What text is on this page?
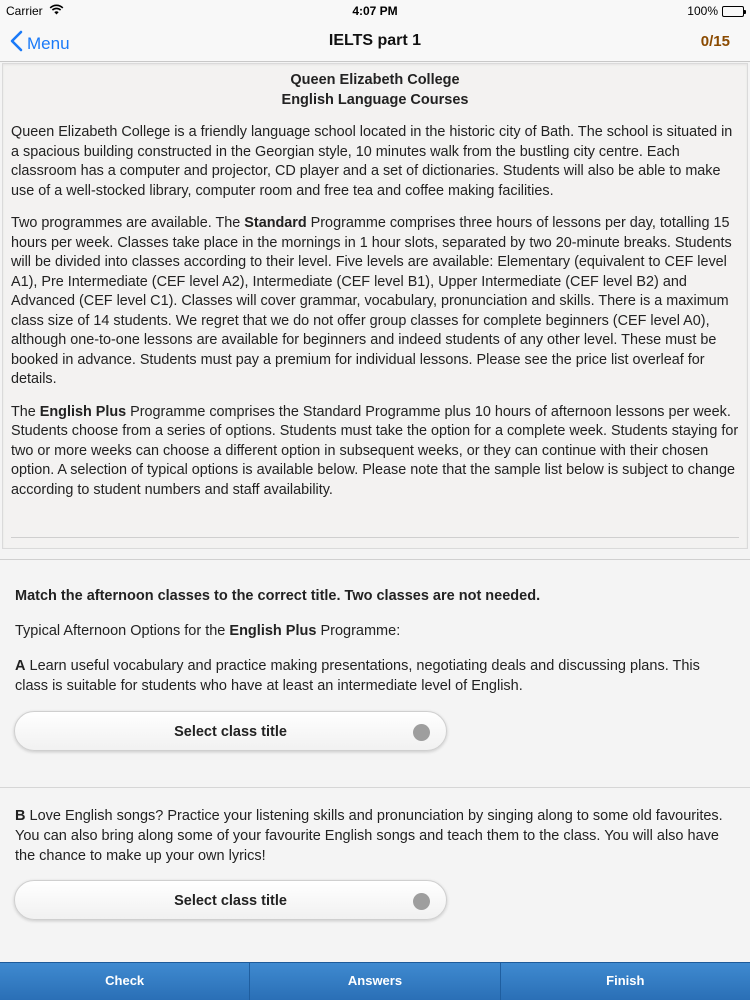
Carrier	4:07 PM	100%
Menu	IELTS part 1	0/15
Queen Elizabeth College
English Language Courses

Queen Elizabeth College is a friendly language school located in the historic city of Bath. The school is situated in a spacious building constructed in the Georgian style, 10 minutes walk from the bustling city centre. Each classroom has a computer and projector, CD player and a set of dictionaries. Students will also be able to make use of a well-stocked library, computer room and free tea and coffee making facilities.

Two programmes are available. The Standard Programme comprises three hours of lessons per day, totalling 15 hours per week. Classes take place in the mornings in 1 hour slots, separated by two 20-minute breaks. Students will be divided into classes according to their level. Five levels are available: Elementary (equivalent to CEF level A1), Pre Intermediate (CEF level A2), Intermediate (CEF level B1), Upper Intermediate (CEF level B2) and Advanced (CEF level C1). Classes will cover grammar, vocabulary, pronunciation and skills. There is a maximum class size of 14 students. We regret that we do not offer group classes for complete beginners (CEF level A0), although one-to-one lessons are available for beginners and indeed students of any other level. These must be booked in advance. Students must pay a premium for individual lessons. Please see the price list overleaf for details.

The English Plus Programme comprises the Standard Programme plus 10 hours of afternoon lessons per week. Students choose from a series of options. Students must take the option for a complete week. Students staying for two or more weeks can choose a different option in subsequent weeks, or they can continue with their chosen option. A selection of typical options is available below. Please note that the sample list below is subject to change according to student numbers and staff availability.

Match the afternoon classes to the correct title. Two classes are not needed.
Typical Afternoon Options for the English Plus Programme:
A Learn useful vocabulary and practice making presentations, negotiating deals and discussing plans. This class is suitable for students who have at least an intermediate level of English.
Select class title
B Love English songs? Practice your listening skills and pronunciation by singing along to some old favourites. You can also bring along some of your favourite English songs and teach them to the class. You will also have the chance to make up your own lyrics!
Select class title
Check	Answers	Finish
